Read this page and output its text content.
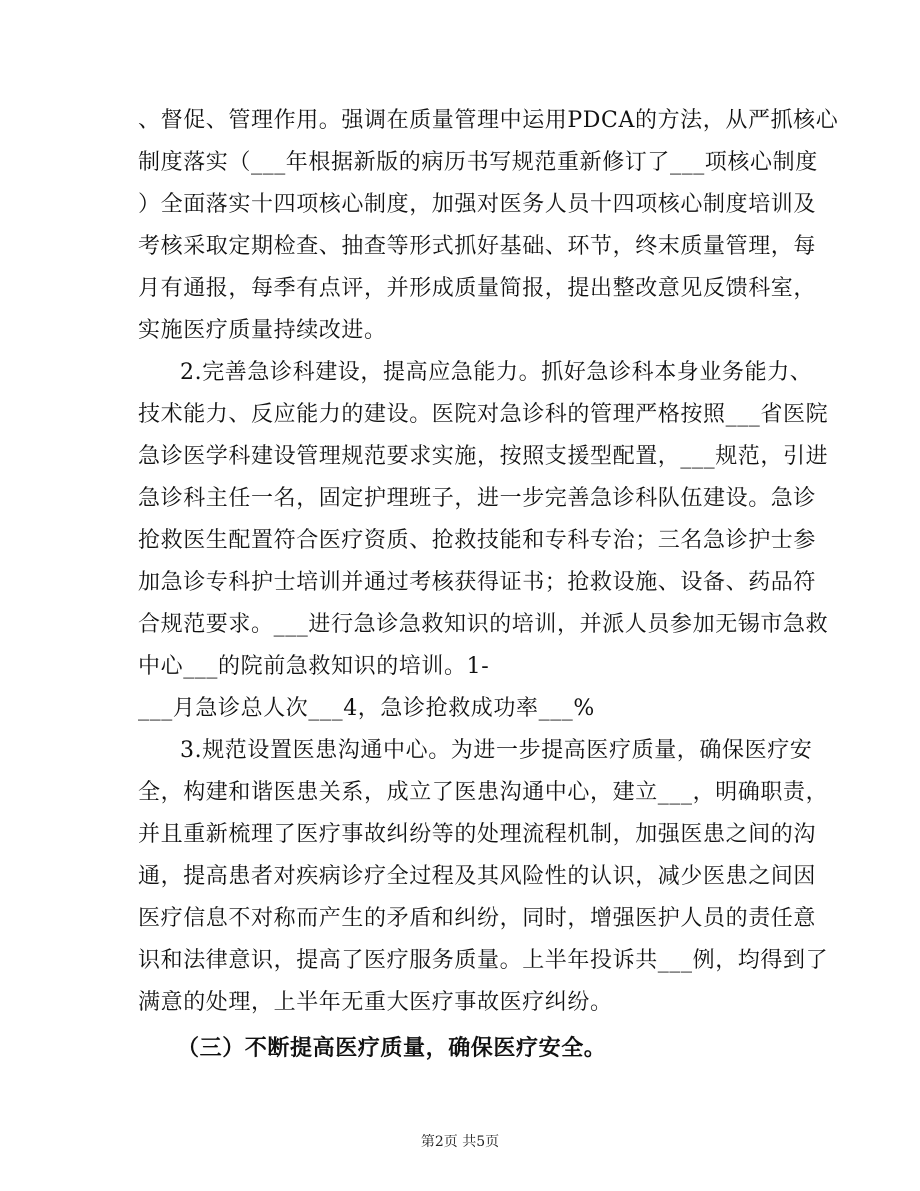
、督促、管理作用。强调在质量管理中运用PDCA的方法，从严抓核心
制度落实（___年根据新版的病历书写规范重新修订了___项核心制度
）全面落实十四项核心制度，加强对医务人员十四项核心制度培训及
考核采取定期检查、抽查等形式抓好基础、环节，终末质量管理，每
月有通报，每季有点评，并形成质量简报，提出整改意见反馈科室，
实施医疗质量持续改进。
2.完善急诊科建设，提高应急能力。抓好急诊科本身业务能力、
技术能力、反应能力的建设。医院对急诊科的管理严格按照___省医院
急诊医学科建设管理规范要求实施，按照支援型配置，___规范，引进
急诊科主任一名，固定护理班子，进一步完善急诊科队伍建设。急诊
抢救医生配置符合医疗资质、抢救技能和专科专治；三名急诊护士参
加急诊专科护士培训并通过考核获得证书；抢救设施、设备、药品符
合规范要求。___进行急诊急救知识的培训，并派人员参加无锡市急救
中心___的院前急救知识的培训。1-
___月急诊总人次___4，急诊抢救成功率___%
3.规范设置医患沟通中心。为进一步提高医疗质量，确保医疗安
全，构建和谐医患关系，成立了医患沟通中心，建立___，明确职责，
并且重新梳理了医疗事故纠纷等的处理流程机制，加强医患之间的沟
通，提高患者对疾病诊疗全过程及其风险性的认识，减少医患之间因
医疗信息不对称而产生的矛盾和纠纷，同时，增强医护人员的责任意
识和法律意识，提高了医疗服务质量。上半年投诉共___例，均得到了
满意的处理，上半年无重大医疗事故医疗纠纷。
（三）不断提高医疗质量，确保医疗安全。
第2页 共5页
